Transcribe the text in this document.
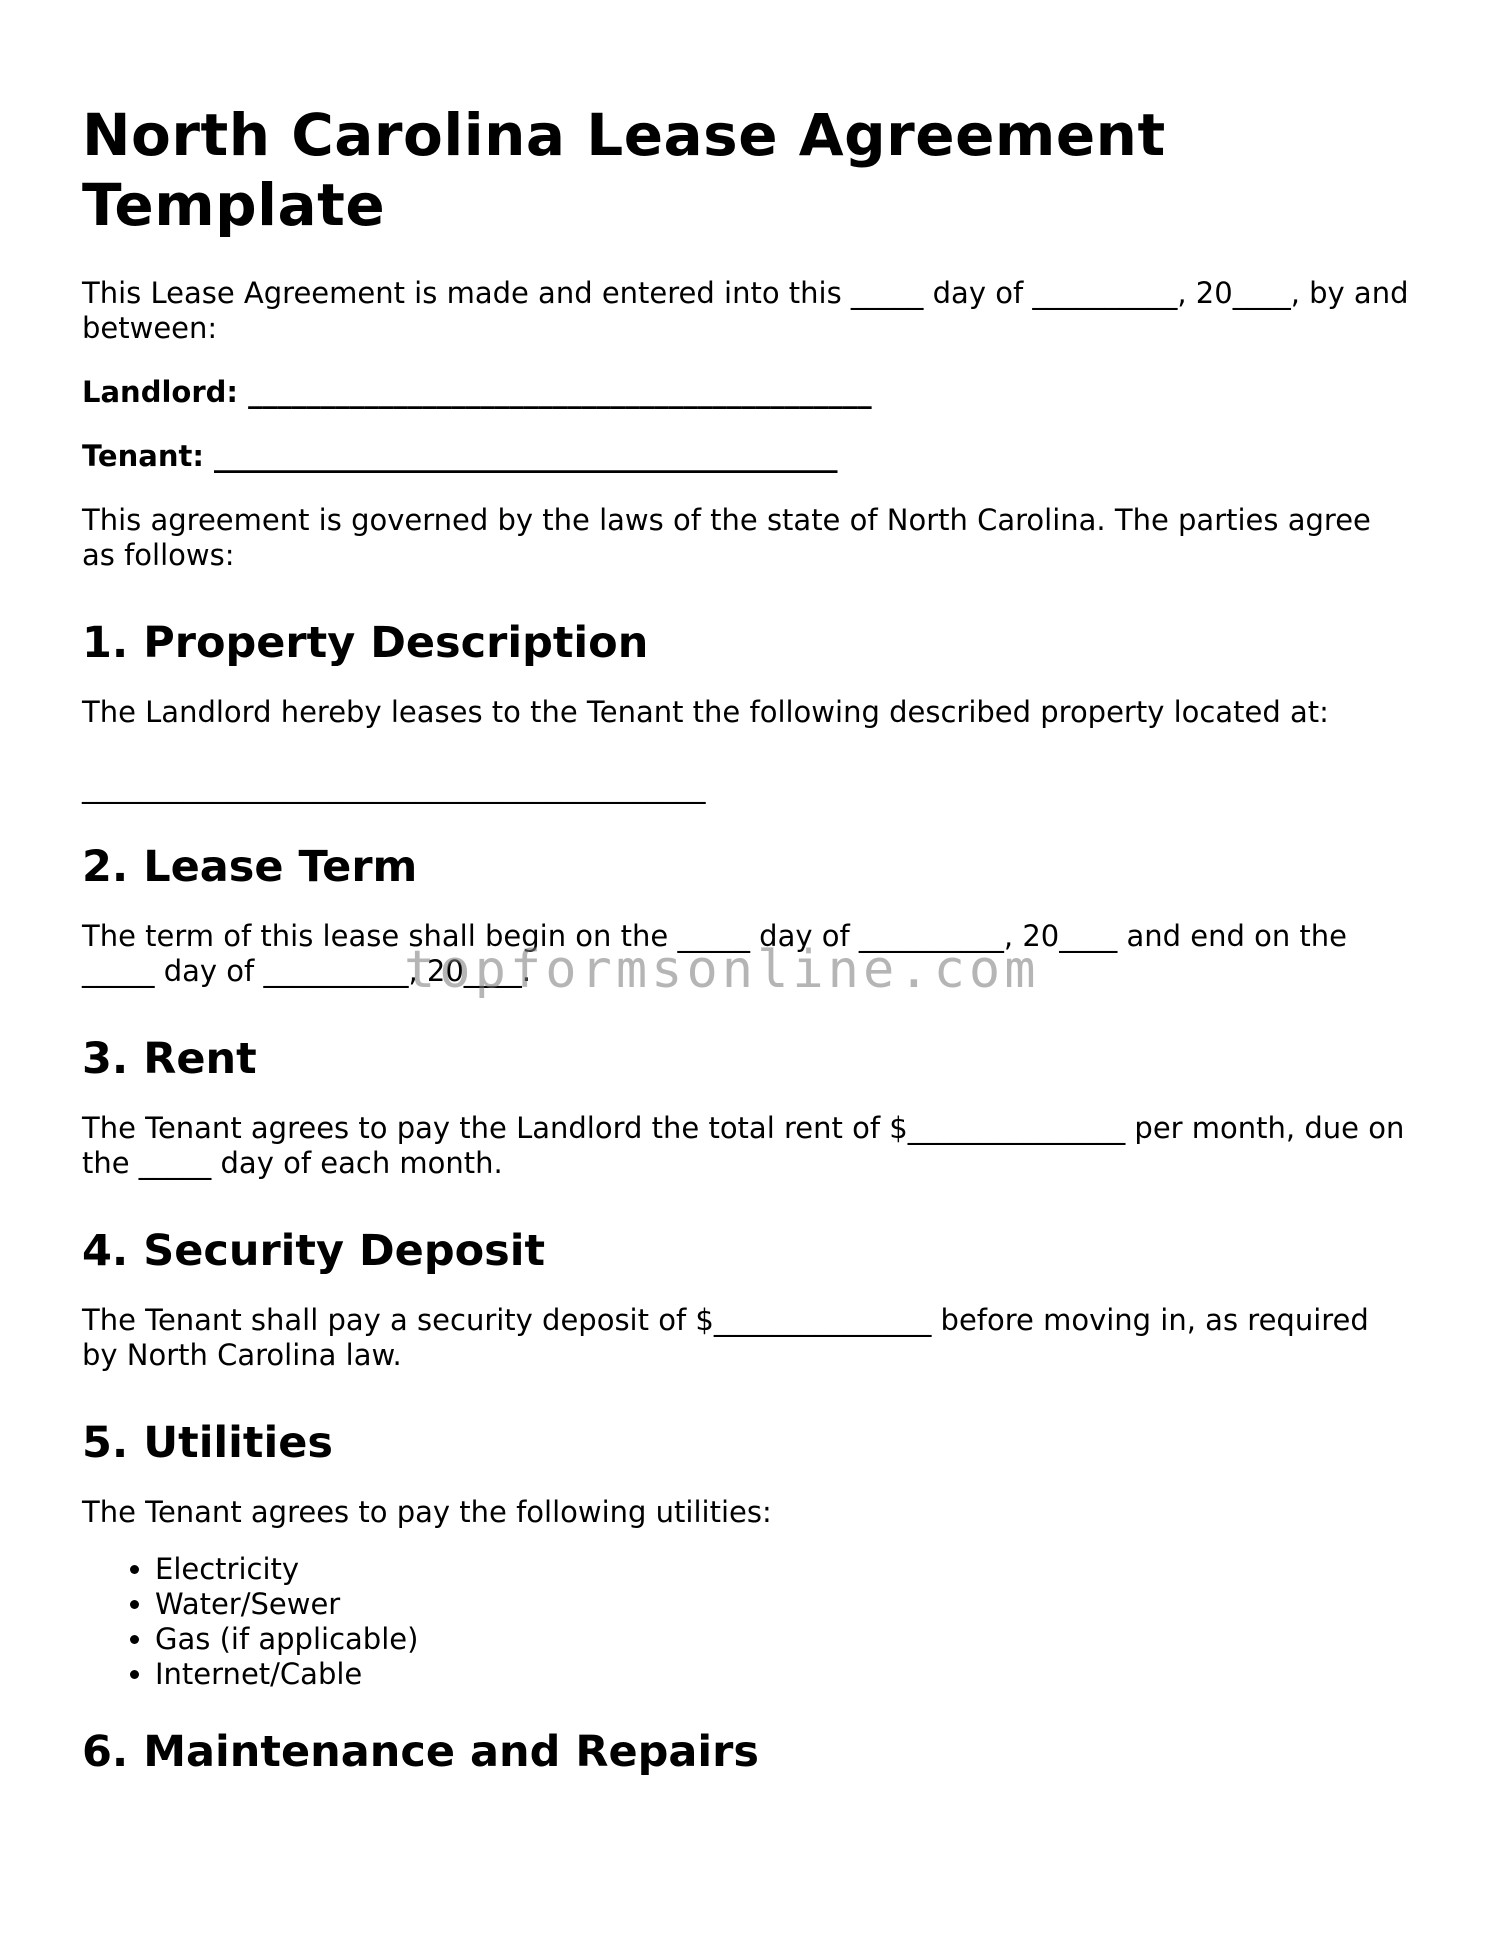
North Carolina Lease Agreement Template

This Lease Agreement is made and entered into this _____ day of __________, 20____, by and between:

Landlord: ___________________________________________

Tenant: ___________________________________________

This agreement is governed by the laws of the state of North Carolina. The parties agree as follows:

1. Property Description

The Landlord hereby leases to the Tenant the following described property located at:

___________________________________________

2. Lease Term

The term of this lease shall begin on the _____ day of __________, 20____ and end on the _____ day of __________, 20____.

3. Rent

The Tenant agrees to pay the Landlord the total rent of $_______________ per month, due on the _____ day of each month.

4. Security Deposit

The Tenant shall pay a security deposit of $_______________ before moving in, as required by North Carolina law.

5. Utilities

The Tenant agrees to pay the following utilities:

• Electricity
• Water/Sewer
• Gas (if applicable)
• Internet/Cable
6. Maintenance and Repairs
topformsonline.com
